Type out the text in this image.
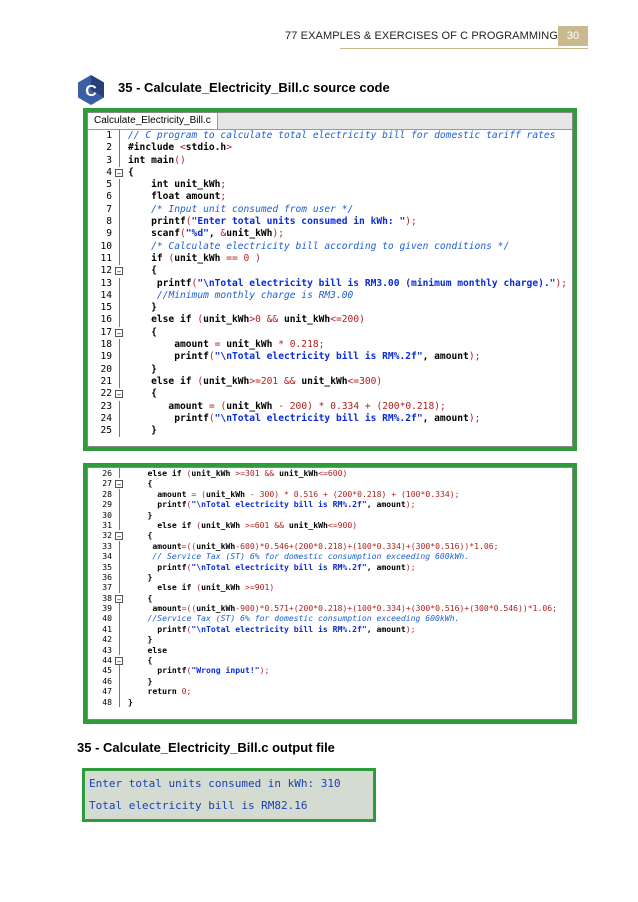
77 EXAMPLES & EXERCISES OF C PROGRAMMING 30
C 35 - Calculate_Electricity_Bill.c source code
Calculate_Electricity_Bill.c
1 // C program to calculate total electricity bill for domestic tariff rates
2 #include <stdio.h>
3 int main()
4 − {
5 int unit_kWh;
6 float amount;
7	/* Input unit consumed from user */
8 printf("Enter total units consumed in kWh: ");
9 scanf("%d", &unit_kWh);
10	/* Calculate electricity bill according to given conditions */
11 if (unit_kWh == 0 )
12 − {
13 printf("\nTotal electricity bill is RM3.00 (minimum monthly charge).");
14	//Minimum monthly charge is RM3.00
15 }
16 else if (unit_kWh>0 && unit_kWh<=200)
17 − {
18 amount = unit_kWh * 0.218;
19 printf("\nTotal electricity bill is RM%.2f", amount);
20 }
21 else if (unit_kWh>=201 && unit_kWh<=300)
22 − {
23 amount = (unit_kWh - 200) * 0.334 + (200*0.218);
24 printf("\nTotal electricity bill is RM%.2f", amount);
25 }
26 else if (unit_kWh >=301 && unit_kWh<=600)
27 − {
28 amount = (unit_kWh - 300) * 0.516 + (200*0.218) + (100*0.334);
29 printf("\nTotal electricity bill is RM%.2f", amount);
30 }
31 else if (unit_kWh >=601 && unit_kWh<=900)
32 − {
33 amount=((unit_kWh-600)*0.546+(200*0.218)+(100*0.334)+(300*0.516))*1.06;
34	// Service Tax (ST) 6% for domestic consumption exceeding 600kWh.
35 printf("\nTotal electricity bill is RM%.2f", amount);
36 }
37 else if (unit_kWh >=901)
38 − {
39 amount=((unit_kWh-900)*0.571+(200*0.218)+(100*0.334)+(300*0.516)+(300*0.546))*1.06;
40	//Service Tax (ST) 6% for domestic consumption exceeding 600kWh.
41 printf("\nTotal electricity bill is RM%.2f", amount);
42 }
43 else
44 − {
45 printf("Wrong input!");
46 }
47 return 0;
48 }
35 - Calculate_Electricity_Bill.c output file
Enter total units consumed in kWh: 310
Total electricity bill is RM82.16
